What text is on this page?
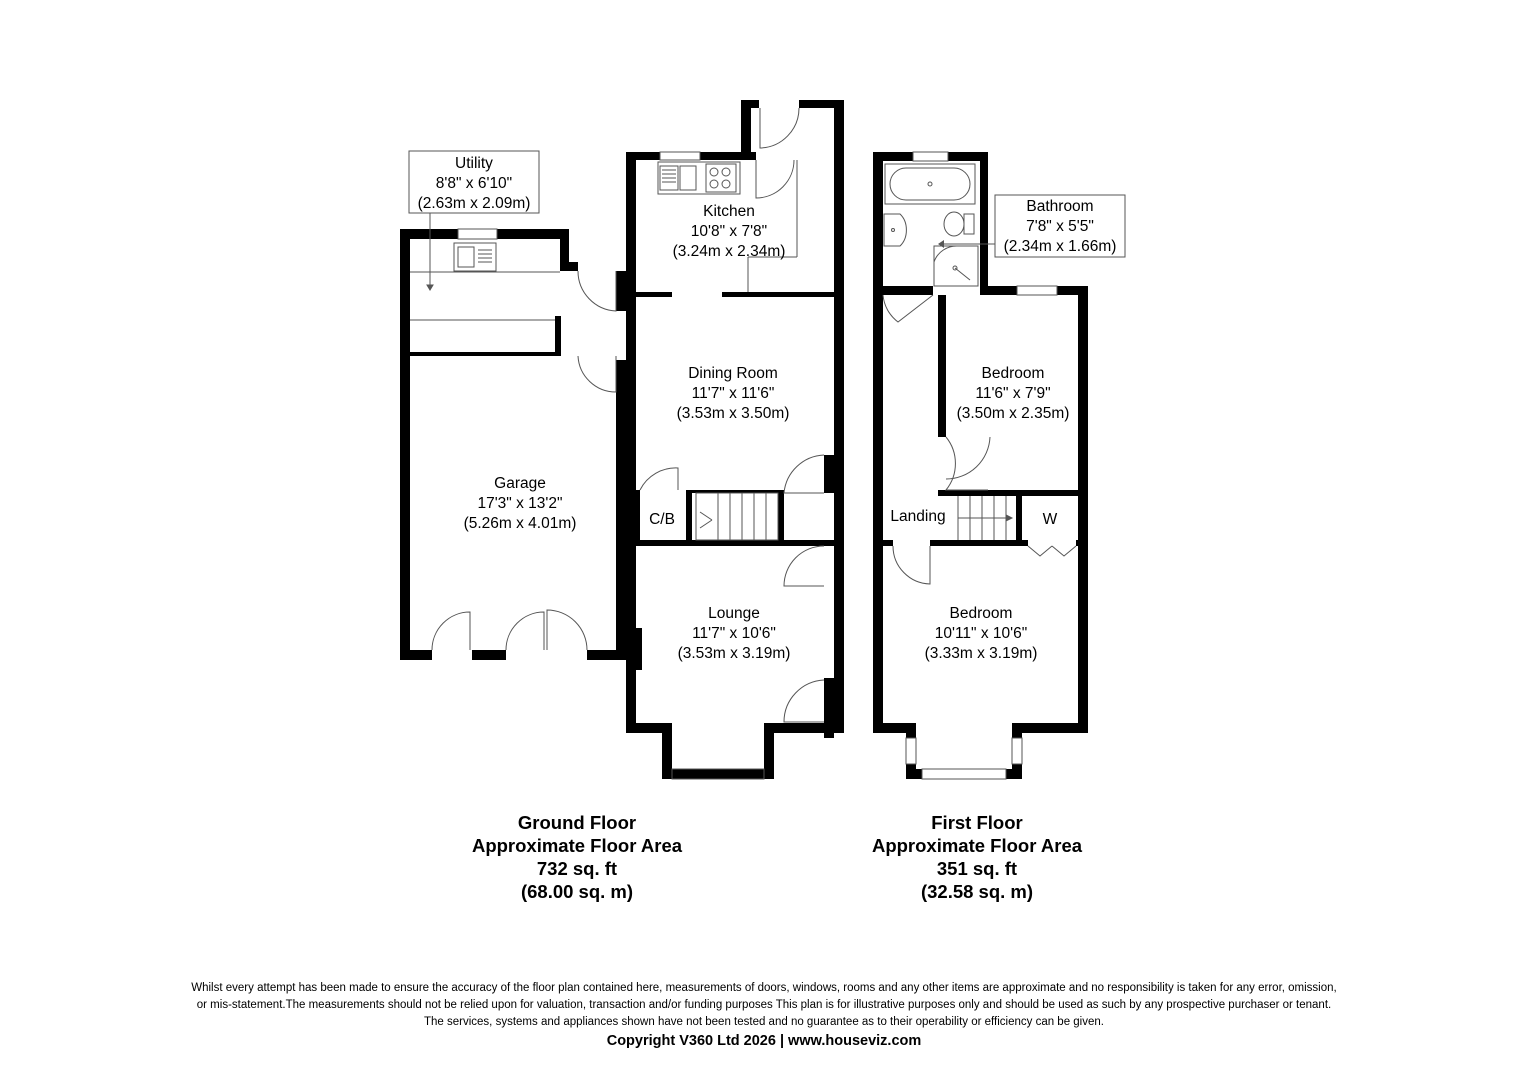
Utility
8'8" x 6'10"
(2.63m x 2.09m)	Kitchen
10'8" x 7'8"
(3.24m x 2.34m)
Dining Room
11'7" x 11'6"
(3.53m x 3.50m)
Garage
17'3" x 13'2"
(5.26m x 4.01m)	C/B
Lounge
11'7" x 10'6"
(3.53m x 3.19m)
Bathroom
7'8" x 5'5"
(2.34m x 1.66m)
Bedroom
11'6" x 7'9"
(3.50m x 2.35m)
Landing	W
Bedroom
10'11" x 10'6"
(3.33m x 3.19m)
Ground Floor
Approximate Floor Area
732 sq. ft
(68.00 sq. m)
First Floor
Approximate Floor Area
351 sq. ft
(32.58 sq. m)
Whilst every attempt has been made to ensure the accuracy of the floor plan contained here, measurements of doors, windows, rooms and any other items are approximate and no responsibility is taken for any error, omission,
or mis-statement.The measurements should not be relied upon for valuation, transaction and/or funding purposes This plan is for illustrative purposes only and should be used as such by any prospective purchaser or tenant.
The services, systems and appliances shown have not been tested and no guarantee as to their operability or efficiency can be given.
Copyright V360 Ltd 2026 | www.houseviz.com
